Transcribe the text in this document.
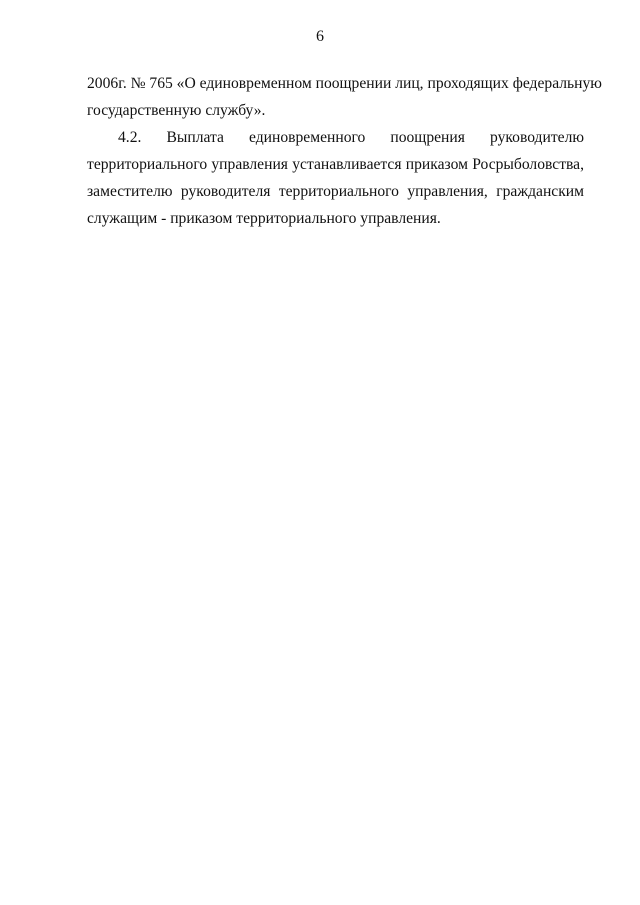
6
2006г. № 765 «О единовременном поощрении лиц, проходящих федеральную
государственную службу».
4.2. Выплата единовременного поощрения руководителю
территориального управления устанавливается приказом Росрыболовства,
заместителю руководителя территориального управления, гражданским
служащим - приказом территориального управления.
